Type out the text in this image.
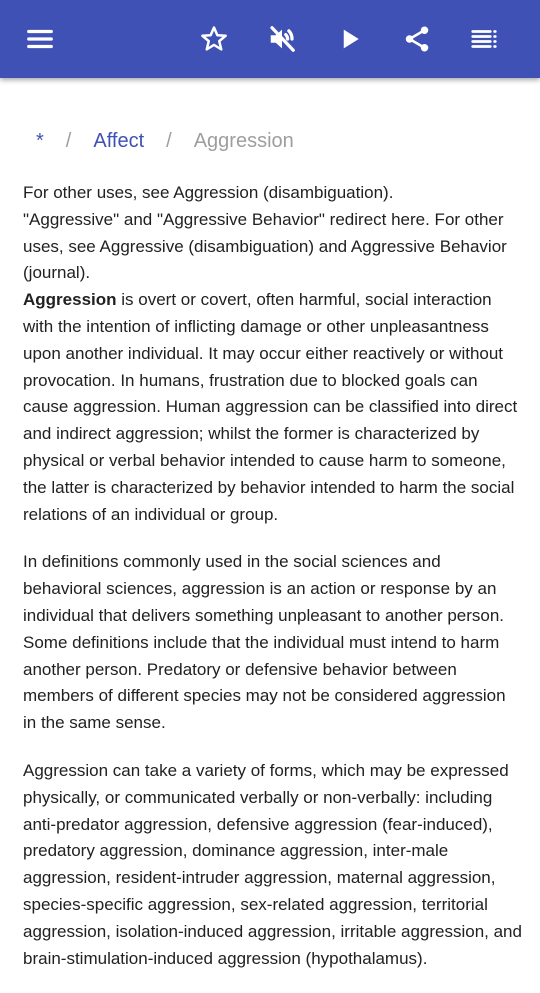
* / Affect / Aggression

For other uses, see Aggression (disambiguation).

"Aggressive" and "Aggressive Behavior" redirect here. For other uses, see Aggressive (disambiguation) and Aggressive Behavior (journal).

Aggression is overt or covert, often harmful, social interaction with the intention of inflicting damage or other unpleasantness upon another individual. It may occur either reactively or without provocation. In humans, frustration due to blocked goals can cause aggression. Human aggression can be classified into direct and indirect aggression; whilst the former is characterized by physical or verbal behavior intended to cause harm to someone, the latter is characterized by behavior intended to harm the social relations of an individual or group.

In definitions commonly used in the social sciences and behavioral sciences, aggression is an action or response by an individual that delivers something unpleasant to another person. Some definitions include that the individual must intend to harm another person. Predatory or defensive behavior between members of different species may not be considered aggression in the same sense.

Aggression can take a variety of forms, which may be expressed physically, or communicated verbally or non-verbally: including anti-predator aggression, defensive aggression (fear-induced), predatory aggression, dominance aggression, inter-male aggression, resident-intruder aggression, maternal aggression, species-specific aggression, sex-related aggression, territorial aggression, isolation-induced aggression, irritable aggression, and brain-stimulation-induced aggression (hypothalamus).
